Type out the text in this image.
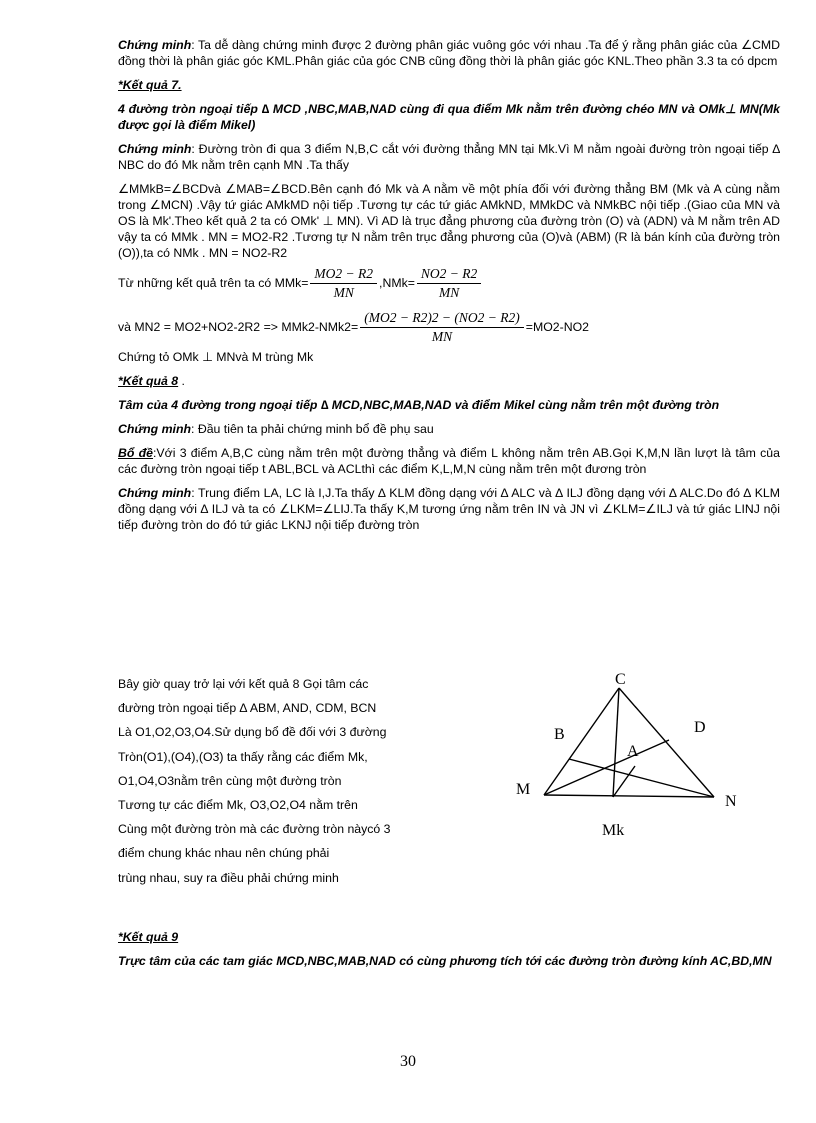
Chứng minh: Ta dễ dàng chứng minh được 2 đường phân giác vuông góc với nhau .Ta để ý rằng phân giác của ∠CMD đồng thời là phân giác góc KML.Phân giác của góc CNB cũng đồng thời là phân giác góc KNL.Theo phần 3.3 ta có dpcm

*Kết quả 7.

4 đường tròn ngoại tiếp ∆ MCD ,NBC,MAB,NAD cùng đi qua điểm Mk nằm trên đường chéo MN và OMk⊥ MN(Mk được gọi là điểm Mikel)

Chứng minh: Đường tròn đi qua 3 điểm N,B,C cắt với đường thẳng MN tại Mk.Vì M nằm ngoài đường tròn ngoại tiếp ∆ NBC do đó Mk nằm trên cạnh MN .Ta thấy

∠MMkB=∠BCDvà ∠MAB=∠BCD.Bên cạnh đó Mk và A nằm về một phía đối với đường thẳng BM (Mk và A cùng nằm trong ∠MCN) .Vậy tứ giác AMkMD nội tiếp .Tương tự các tứ giác AMkND, MMkDC và NMkBC nội tiếp .(Giao của MN và OS là Mk'.Theo kết quả 2 ta có OMk' ⊥ MN). Vì AD là trục đẳng phương của đường tròn (O) và (ADN) và M nằm trên AD vậy ta có MMk . MN = MO2-R2 .Tương tự N nằm trên trục đẳng phương của (O)và (ABM) (R là bán kính của đường tròn (O)),ta có NMk . MN = NO2-R2

Từ những kết quả trên ta có $MMk= \frac{MO2 - R2}{MN} ,NMk= \frac{NO2 - R2}{MN}$
và $MN2 = MO2+NO2-2R2 => MMk2-NMk2= \frac{(MO2 - R2)2 - (NO2 - R2)}{MN} =MO2-NO2$

Chứng tỏ OMk ⊥ MNvà M trùng Mk

*Kết quả 8 .

Tâm của 4 đường trong ngoại tiếp ∆ MCD,NBC,MAB,NAD và điểm Mikel cùng nằm trên một đường tròn

Chứng minh: Đầu tiên ta phải chứng minh bổ đề phụ sau

Bổ đề:Với 3 điểm A,B,C cùng nằm trên một đường thẳng và điểm L không nằm trên AB.Gọi K,M,N lần lượt là tâm của các đường tròn ngoại tiếp t ABL,BCL và ACLthì các điểm K,L,M,N cùng nằm trên một đương tròn

Chứng minh: Trung điểm LA, LC là I,J.Ta thấy ∆ KLM đồng dạng với ∆ ALC và ∆ ILJ đồng dạng với ∆ ALC.Do đó ∆ KLM đồng dạng với ∆ ILJ và ta có ∠LKM=∠LIJ.Ta thấy K,M tương ứng nằm trên IN và JN vì ∠KLM=∠ILJ và tứ giác LINJ nội tiếp đường tròn do đó tứ giác LKNJ nội tiếp đường tròn

Bây giờ quay trở lại với kết quả 8 Gọi tâm các

đường tròn ngoại tiếp ∆ ABM, AND, CDM, BCN

Là O1,O2,O3,O4.Sử dụng bổ đề đối với 3 đường

Tròn(O1),(O4),(O3) ta thấy rằng các điểm Mk,

O1,O4,O3nằm trên cùng một đường tròn

Tương tự các điểm Mk, O3,O2,O4 nằm trên

Cùng một đường tròn mà các đường tròn nàycó 3

điểm chung khác nhau nên chúng phải

trùng nhau, suy ra điều phải chứng minh

C
B	D
A
M
N
Mk

*Kết quả 9

Trực tâm của các tam giác MCD,NBC,MAB,NAD có cùng phương tích tới các đường tròn đường kính AC,BD,MN

30
